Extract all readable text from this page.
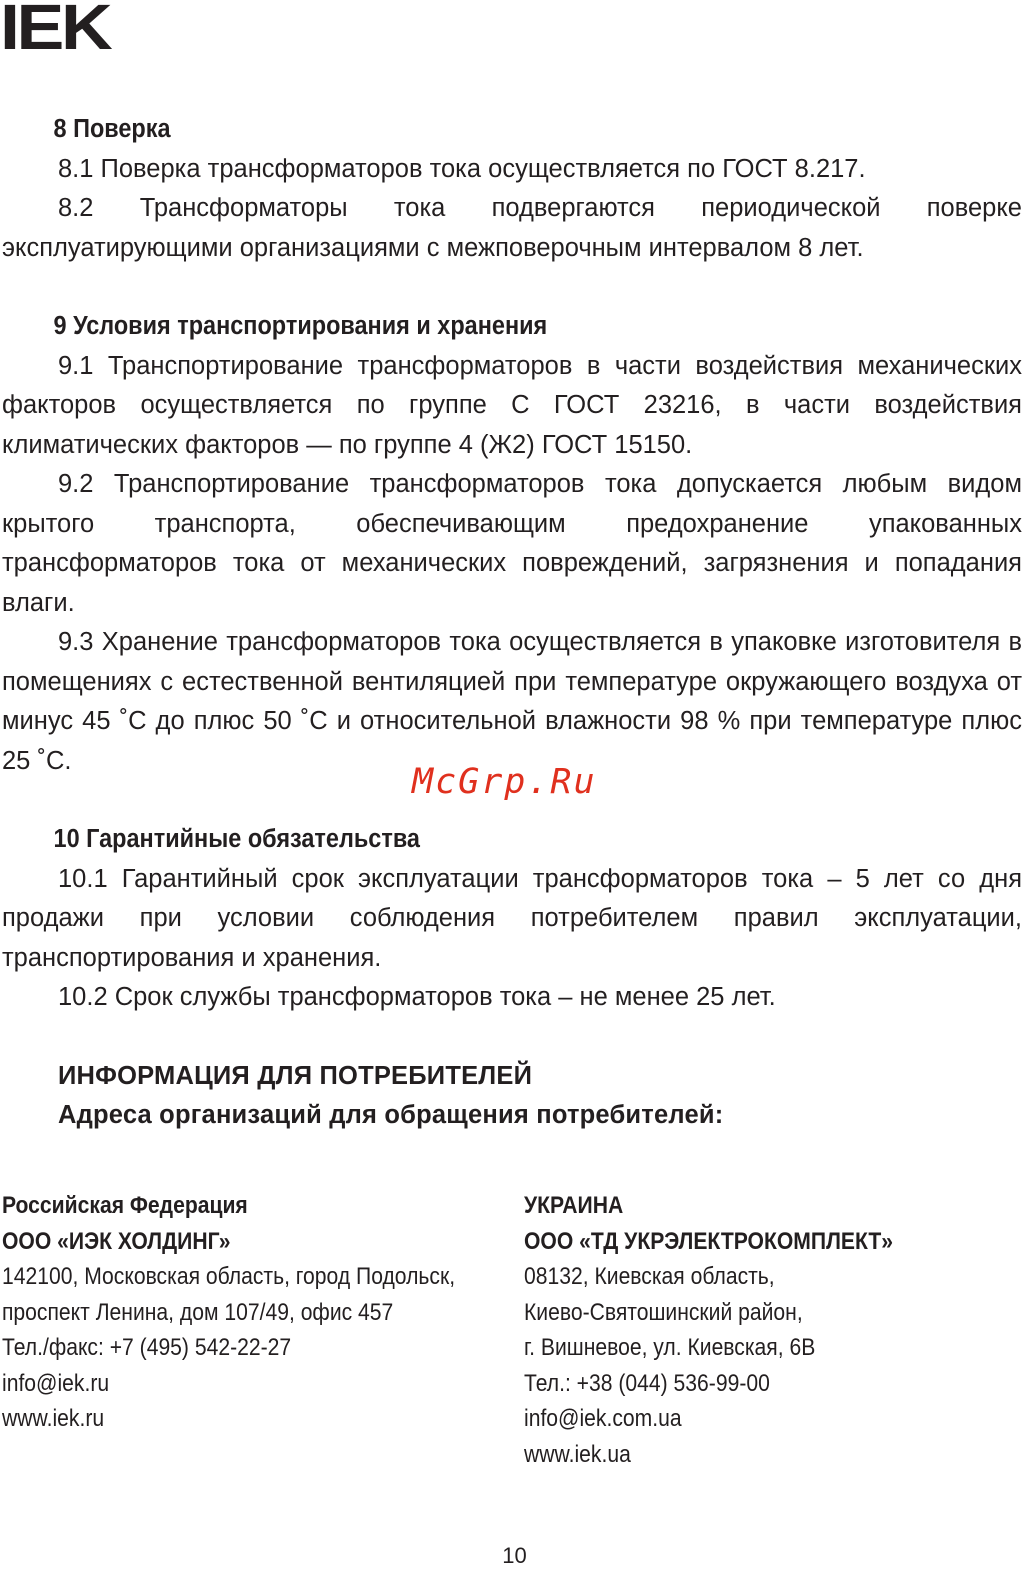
IEK
8 Поверка

8.1 Поверка трансформаторов тока осуществляется по ГОСТ 8.217.

8.2 Трансформаторы тока подвергаются периодической поверке эксплуатирующими организациями с межповерочным интервалом 8 лет.

9 Условия транспортирования и хранения

9.1 Транспортирование трансформаторов в части воздействия механических факторов осуществляется по группе С ГОСТ 23216, в части воздействия климатических факторов — по группе 4 (Ж2) ГОСТ 15150.

9.2 Транспортирование трансформаторов тока допускается любым видом крытого транспорта, обеспечивающим предохранение упакованных трансформаторов тока от механических повреждений, загрязнения и попадания влаги.

9.3 Хранение трансформаторов тока осуществляется в упаковке изготовителя в помещениях с естественной вентиляцией при температуре окружающего воздуха от минус 45 ˚С до плюс 50 ˚С и относительной влажности 98 % при температуре плюс 25 ˚С.

10 Гарантийные обязательства

10.1 Гарантийный срок эксплуатации трансформаторов тока – 5 лет со дня продажи при условии соблюдения потребителем правил эксплуатации, транспортирования и хранения.

10.2 Срок службы трансформаторов тока – не менее 25 лет.

ИНФОРМАЦИЯ ДЛЯ ПОТРЕБИТЕЛЕЙ
Адреса организаций для обращения потребителей:
Российская Федерация
ООО «ИЭК ХОЛДИНГ»
142100, Московская область, город Подольск,
проспект Ленина, дом 107/49, офис 457
Тел./факс: +7 (495) 542-22-27
info@iek.ru
www.iek.ru
УКРАИНА
ООО «ТД УКРЭЛЕКТРОКОМПЛЕКТ»
08132, Киевская область,
Киево-Святошинский район,
г. Вишневое, ул. Киевская, 6В
Тел.: +38 (044) 536-99-00
info@iek.com.ua
www.iek.ua
McGrp.Ru
10
